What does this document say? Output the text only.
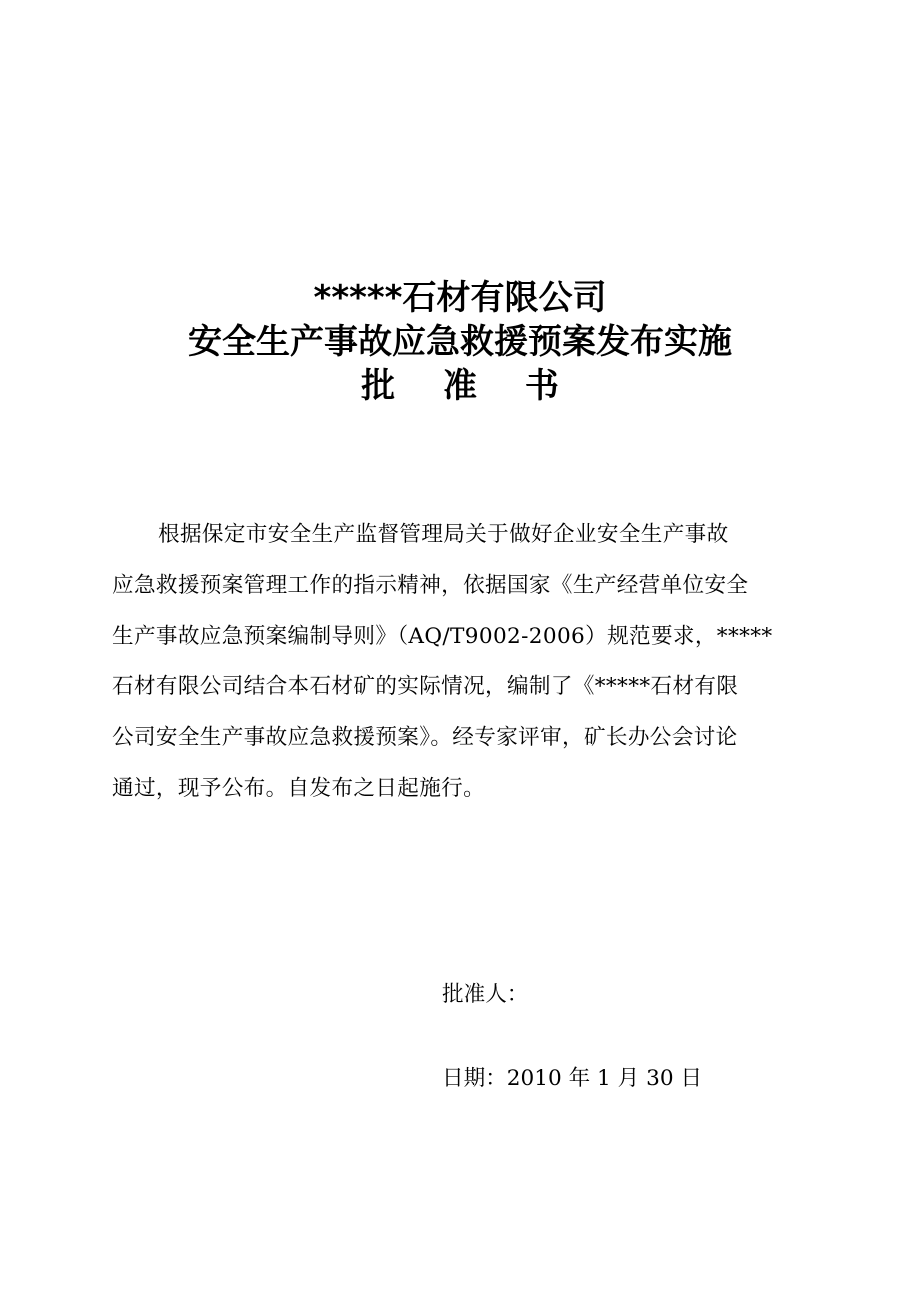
*****石材有限公司
安全生产事故应急救援预案发布实施
批 准 书
根据保定市安全生产监督管理局关于做好企业安全生产事故
应急救援预案管理工作的指示精神，依据国家《生产经营单位安全
生产事故应急预案编制导则》（AQ/T9002-2006）规范要求，*****
石材有限公司结合本石材矿的实际情况，编制了《*****石材有限
公司安全生产事故应急救援预案》。经专家评审，矿长办公会讨论
通过，现予公布。自发布之日起施行。
批准人：
日期：2010 年 1 月 30 日
